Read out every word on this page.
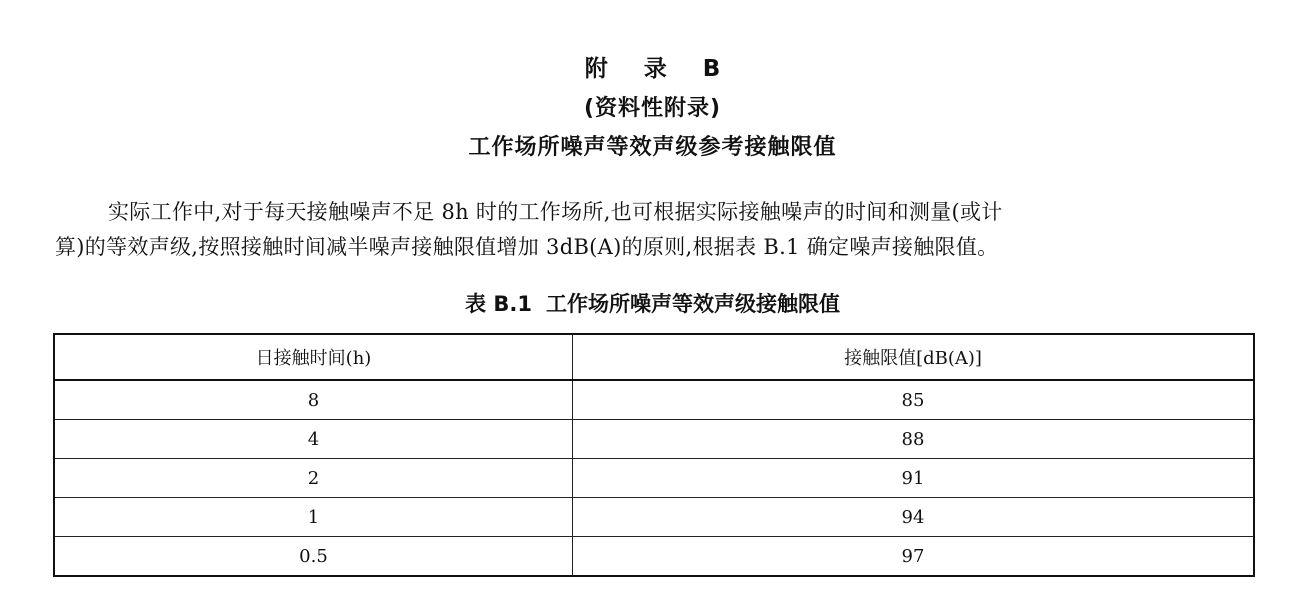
附 录 B
(资料性附录)
工作场所噪声等效声级参考接触限值
实际工作中,对于每天接触噪声不足 8h 时的工作场所,也可根据实际接触噪声的时间和测量(或计
算)的等效声级,按照接触时间减半噪声接触限值增加 3dB(A)的原则,根据表 B.1 确定噪声接触限值。
表 B.1 工作场所噪声等效声级接触限值
日接触时间(h)	接触限值[dB(A)]
8	85
4	88
2	91
1	94
0.5	97
